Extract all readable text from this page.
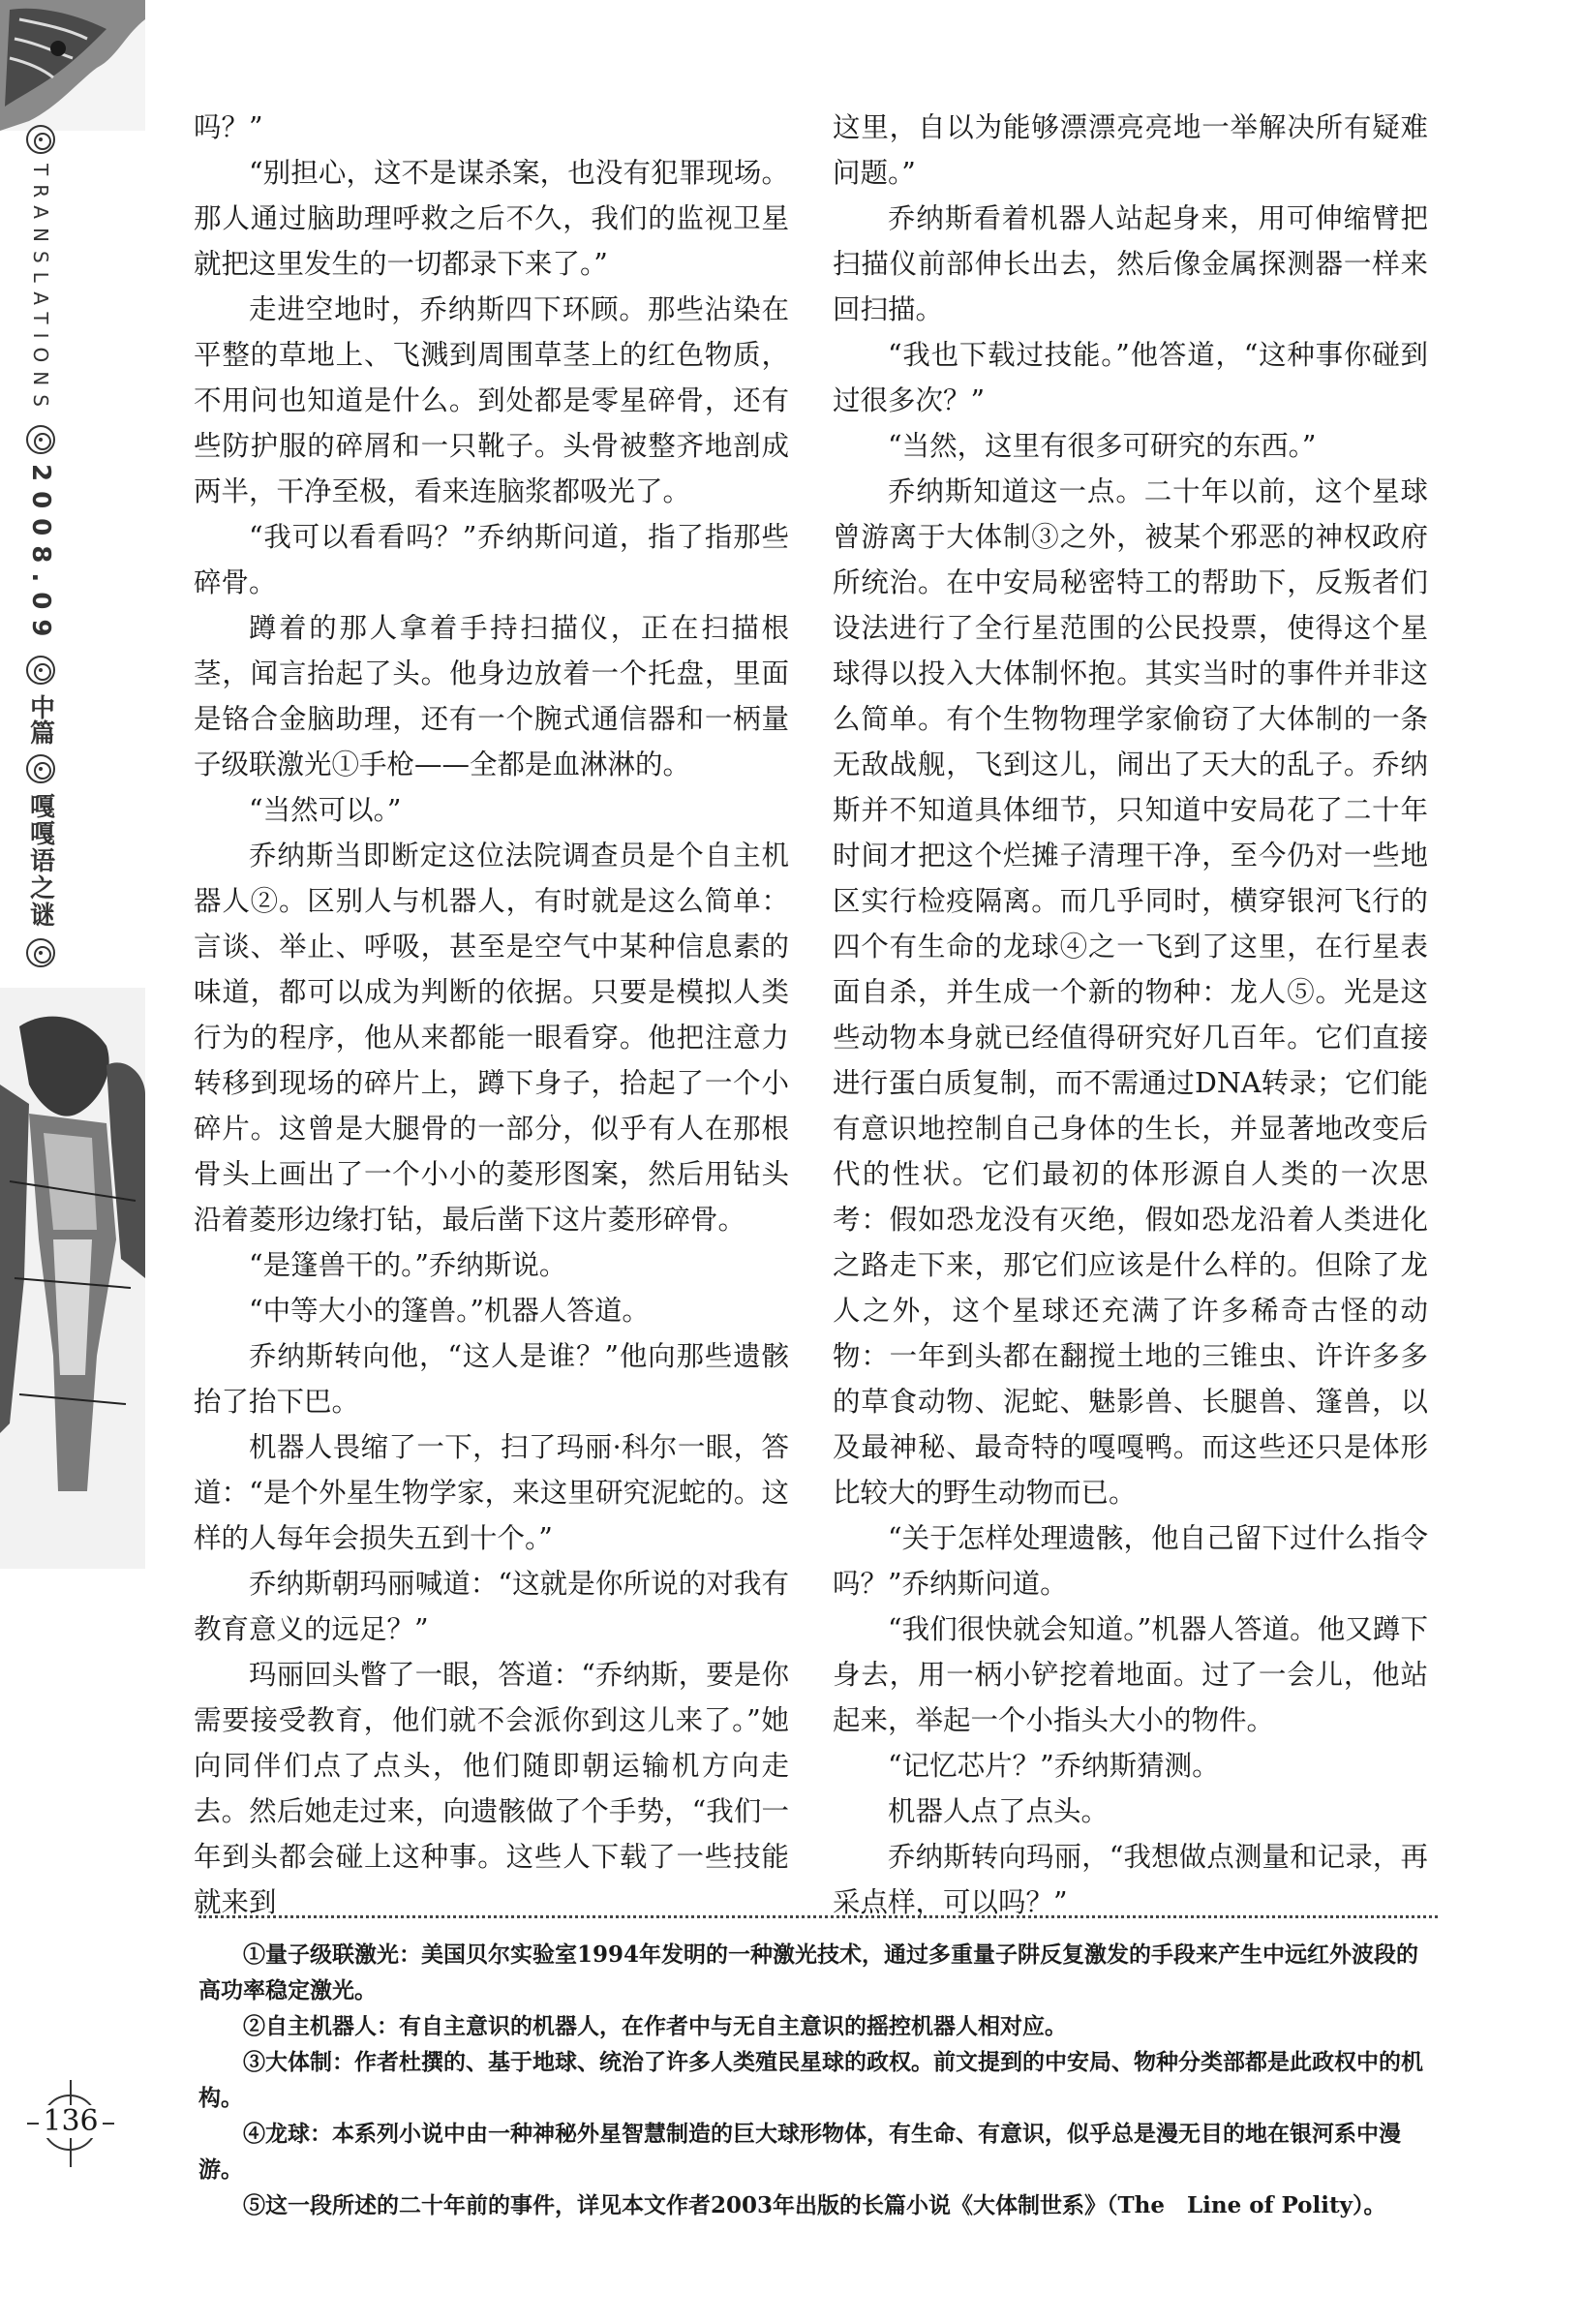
TRANSLATIONS
2008.09
中篇
嘎嘎语之谜

吗？”

“别担心，这不是谋杀案，也没有犯罪现场。那人通过脑助理呼救之后不久，我们的监视卫星就把这里发生的一切都录下来了。”

走进空地时，乔纳斯四下环顾。那些沾染在平整的草地上、飞溅到周围草茎上的红色物质，不用问也知道是什么。到处都是零星碎骨，还有些防护服的碎屑和一只靴子。头骨被整齐地剖成两半，干净至极，看来连脑浆都吸光了。

“我可以看看吗？”乔纳斯问道，指了指那些碎骨。

蹲着的那人拿着手持扫描仪，正在扫描根茎，闻言抬起了头。他身边放着一个托盘，里面是铬合金脑助理，还有一个腕式通信器和一柄量子级联激光①手枪——全都是血淋淋的。

“当然可以。”

乔纳斯当即断定这位法院调查员是个自主机器人②。区别人与机器人，有时就是这么简单：言谈、举止、呼吸，甚至是空气中某种信息素的味道，都可以成为判断的依据。只要是模拟人类行为的程序，他从来都能一眼看穿。他把注意力转移到现场的碎片上，蹲下身子，拾起了一个小碎片。这曾是大腿骨的一部分，似乎有人在那根骨头上画出了一个小小的菱形图案，然后用钻头沿着菱形边缘打钻，最后凿下这片菱形碎骨。

“是篷兽干的。”乔纳斯说。

“中等大小的篷兽。”机器人答道。

乔纳斯转向他，“这人是谁？”他向那些遗骸抬了抬下巴。

机器人畏缩了一下，扫了玛丽·科尔一眼，答道：“是个外星生物学家，来这里研究泥蛇的。这样的人每年会损失五到十个。”

乔纳斯朝玛丽喊道：“这就是你所说的对我有教育意义的远足？”

玛丽回头瞥了一眼，答道：“乔纳斯，要是你需要接受教育，他们就不会派你到这儿来了。”她向同伴们点了点头，他们随即朝运输机方向走去。然后她走过来，向遗骸做了个手势，“我们一年到头都会碰上这种事。这些人下载了一些技能就来到

这里，自以为能够漂漂亮亮地一举解决所有疑难问题。”

乔纳斯看着机器人站起身来，用可伸缩臂把扫描仪前部伸长出去，然后像金属探测器一样来回扫描。

“我也下载过技能。”他答道，“这种事你碰到过很多次？”

“当然，这里有很多可研究的东西。”

乔纳斯知道这一点。二十年以前，这个星球曾游离于大体制③之外，被某个邪恶的神权政府所统治。在中安局秘密特工的帮助下，反叛者们设法进行了全行星范围的公民投票，使得这个星球得以投入大体制怀抱。其实当时的事件并非这么简单。有个生物物理学家偷窃了大体制的一条无敌战舰，飞到这儿，闹出了天大的乱子。乔纳斯并不知道具体细节，只知道中安局花了二十年时间才把这个烂摊子清理干净，至今仍对一些地区实行检疫隔离。而几乎同时，横穿银河飞行的四个有生命的龙球④之一飞到了这里，在行星表面自杀，并生成一个新的物种：龙人⑤。光是这些动物本身就已经值得研究好几百年。它们直接进行蛋白质复制，而不需通过DNA转录；它们能有意识地控制自己身体的生长，并显著地改变后代的性状。它们最初的体形源自人类的一次思考：假如恐龙没有灭绝，假如恐龙沿着人类进化之路走下来，那它们应该是什么样的。但除了龙人之外，这个星球还充满了许多稀奇古怪的动物：一年到头都在翻搅土地的三锥虫、许许多多的草食动物、泥蛇、魅影兽、长腿兽、篷兽，以及最神秘、最奇特的嘎嘎鸭。而这些还只是体形比较大的野生动物而已。

“关于怎样处理遗骸，他自己留下过什么指令吗？”乔纳斯问道。

“我们很快就会知道。”机器人答道。他又蹲下身去，用一柄小铲挖着地面。过了一会儿，他站起来，举起一个小指头大小的物件。

“记忆芯片？”乔纳斯猜测。

机器人点了点头。

乔纳斯转向玛丽，“我想做点测量和记录，再采点样，可以吗？”

①量子级联激光：美国贝尔实验室1994年发明的一种激光技术，通过多重量子阱反复激发的手段来产生中远红外波段的高功率稳定激光。

②自主机器人：有自主意识的机器人，在作者中与无自主意识的摇控机器人相对应。

③大体制：作者杜撰的、基于地球、统治了许多人类殖民星球的政权。前文提到的中安局、物种分类部都是此政权中的机构。

④龙球：本系列小说中由一种神秘外星智慧制造的巨大球形物体，有生命、有意识，似乎总是漫无目的地在银河系中漫游。

⑤这一段所述的二十年前的事件，详见本文作者2003年出版的长篇小说《大体制世系》（The　Line of Polity）。

136
